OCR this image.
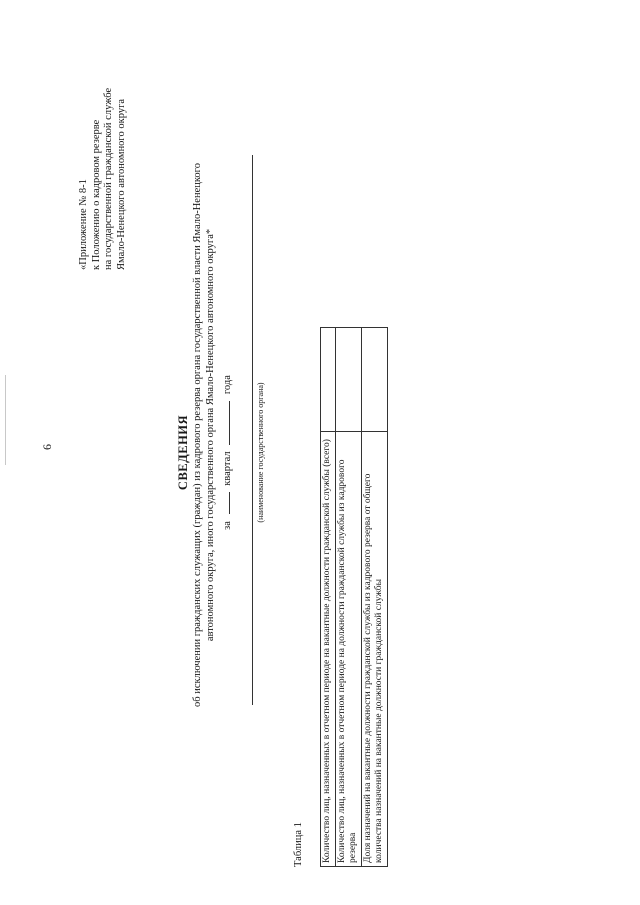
6
«Приложение № 8-1 к Положению о кадровом резерве на государственной гражданской службе Ямало-Ненецкого автономного округа
СВЕДЕНИЯ об исключении гражданских служащих (граждан) из кадрового резерва органа государственной власти Ямало-Ненецкого автономного округа, иного государственного органа Ямало-Ненецкого автономного округа* за  квартал  года	(наименование государственного органа)
Таблица 1 Количество лиц, назначенных в отчетном периоде на вакантные должности гражданской службы (всего)	
Количество лиц, назначенных в отчетном периоде на должности гражданской службы из кадрового резерва	
Доля назначений на вакантные должности гражданской службы из кадрового резерва от общего количества назначений на вакантные должности гражданской службы	
